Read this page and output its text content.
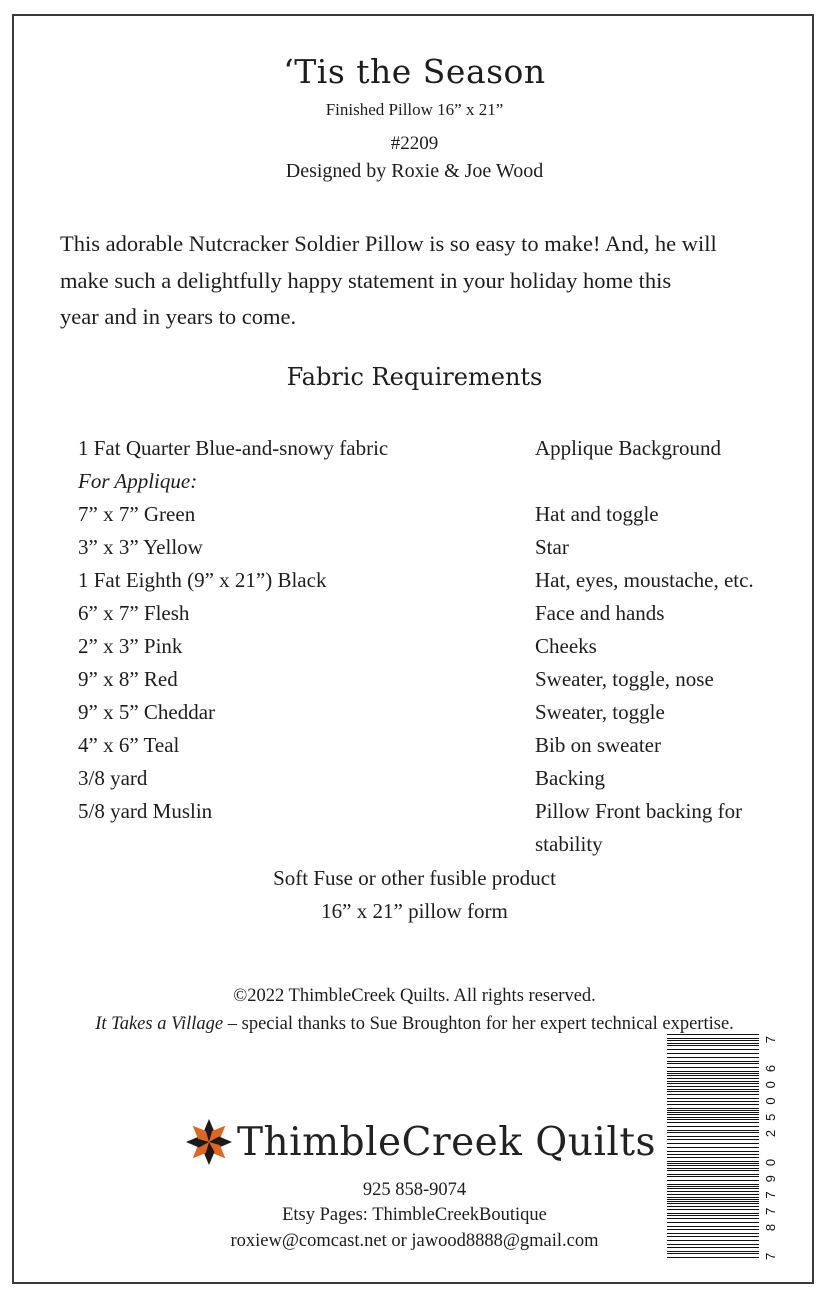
‘Tis the Season
Finished Pillow 16” x 21”
#2209
Designed by Roxie & Joe Wood
This adorable Nutcracker Soldier Pillow is so easy to make! And, he will
make such a delightfully happy statement in your holiday home this
year and in years to come.
Fabric Requirements
1 Fat Quarter Blue-and-snowy fabric	Applique Background
For Applique:
7” x 7” Green	Hat and toggle
3” x 3” Yellow	Star
1 Fat Eighth (9” x 21”) Black	Hat, eyes, moustache, etc.
6” x 7” Flesh	Face and hands
2” x 3” Pink	Cheeks
9” x 8” Red	Sweater, toggle, nose
9” x 5” Cheddar	Sweater, toggle
4” x 6” Teal	Bib on sweater
3/8 yard	Backing
5/8 yard Muslin	Pillow Front backing for
stability
Soft Fuse or other fusible product
16” x 21” pillow form
©2022 ThimbleCreek Quilts. All rights reserved.
It Takes a Village – special thanks to Sue Broughton for her expert technical expertise.
7 87790 25006 7
ThimbleCreek Quilts
925 858-9074
Etsy Pages: ThimbleCreekBoutique
roxiew@comcast.net or jawood8888@gmail.com
